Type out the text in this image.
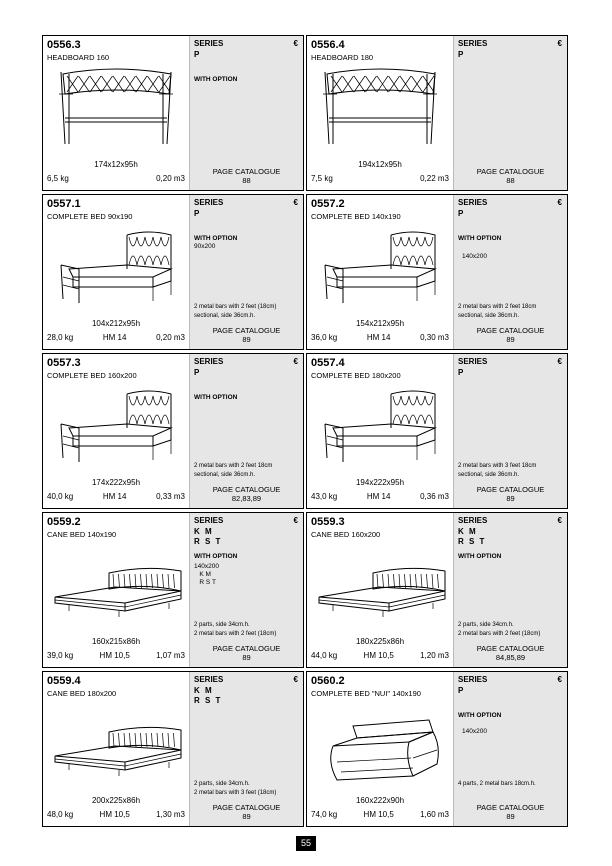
0556.3
HEADBOARD 160
174x12x95h
6,5 kg	0,20 m3
SERIES	€
P
WITH OPTION
PAGE CATALOGUE
88
0556.4
HEADBOARD 180
194x12x95h
7,5 kg	0,22 m3
SERIES	€
P
PAGE CATALOGUE
88
0557.1
COMPLETE BED 90x190
104x212x95h
28,0 kg	HM 14	0,20 m3
SERIES	€
P
WITH OPTION
90x200
2 metal bars with 2 feet (18cm)
sectional, side 36cm.h.
PAGE CATALOGUE
89
0557.2
COMPLETE BED 140x190
154x212x95h
36,0 kg	HM 14	0,30 m3
SERIES	€
P
WITH OPTION
140x200
2 metal bars with 2 feet 18cm
sectional, side 36cm.h.
PAGE CATALOGUE
89
0557.3
COMPLETE BED 160x200
174x222x95h
40,0 kg	HM 14	0,33 m3
SERIES	€
P
WITH OPTION
2 metal bars with 2 feet 18cm
sectional, side 36cm.h.
PAGE CATALOGUE
82,83,89
0557.4
COMPLETE BED 180x200
194x222x95h
43,0 kg	HM 14	0,36 m3
SERIES	€
P
2 metal bars with 3 feet 18cm
sectional, side 36cm.h.
PAGE CATALOGUE
89
0559.2
CANE BED 140x190
160x215x86h
39,0 kg	HM 10,5	1,07 m3
SERIES	€
K M
R S T
WITH OPTION
140x200
K M
R S T
2 parts, side 34cm.h.
2 metal bars with 2 feet (18cm)
PAGE CATALOGUE
89
0559.3
CANE BED 160x200
180x225x86h
44,0 kg	HM 10,5	1,20 m3
SERIES	€
K M
R S T
WITH OPTION
2 parts, side 34cm.h.
2 metal bars with 2 feet (18cm)
PAGE CATALOGUE
84,85,89
0559.4
CANE BED 180x200
200x225x86h
48,0 kg	HM 10,5	1,30 m3
SERIES	€
K M
R S T
2 parts, side 34cm.h.
2 metal bars with 3 feet (18cm)
PAGE CATALOGUE
89
0560.2
COMPLETE BED "NUI" 140x190
160x222x90h
74,0 kg	HM 10,5	1,60 m3
SERIES	€
P
WITH OPTION
140x200
4 parts, 2 metal bars 18cm.h.
PAGE CATALOGUE
89
55
